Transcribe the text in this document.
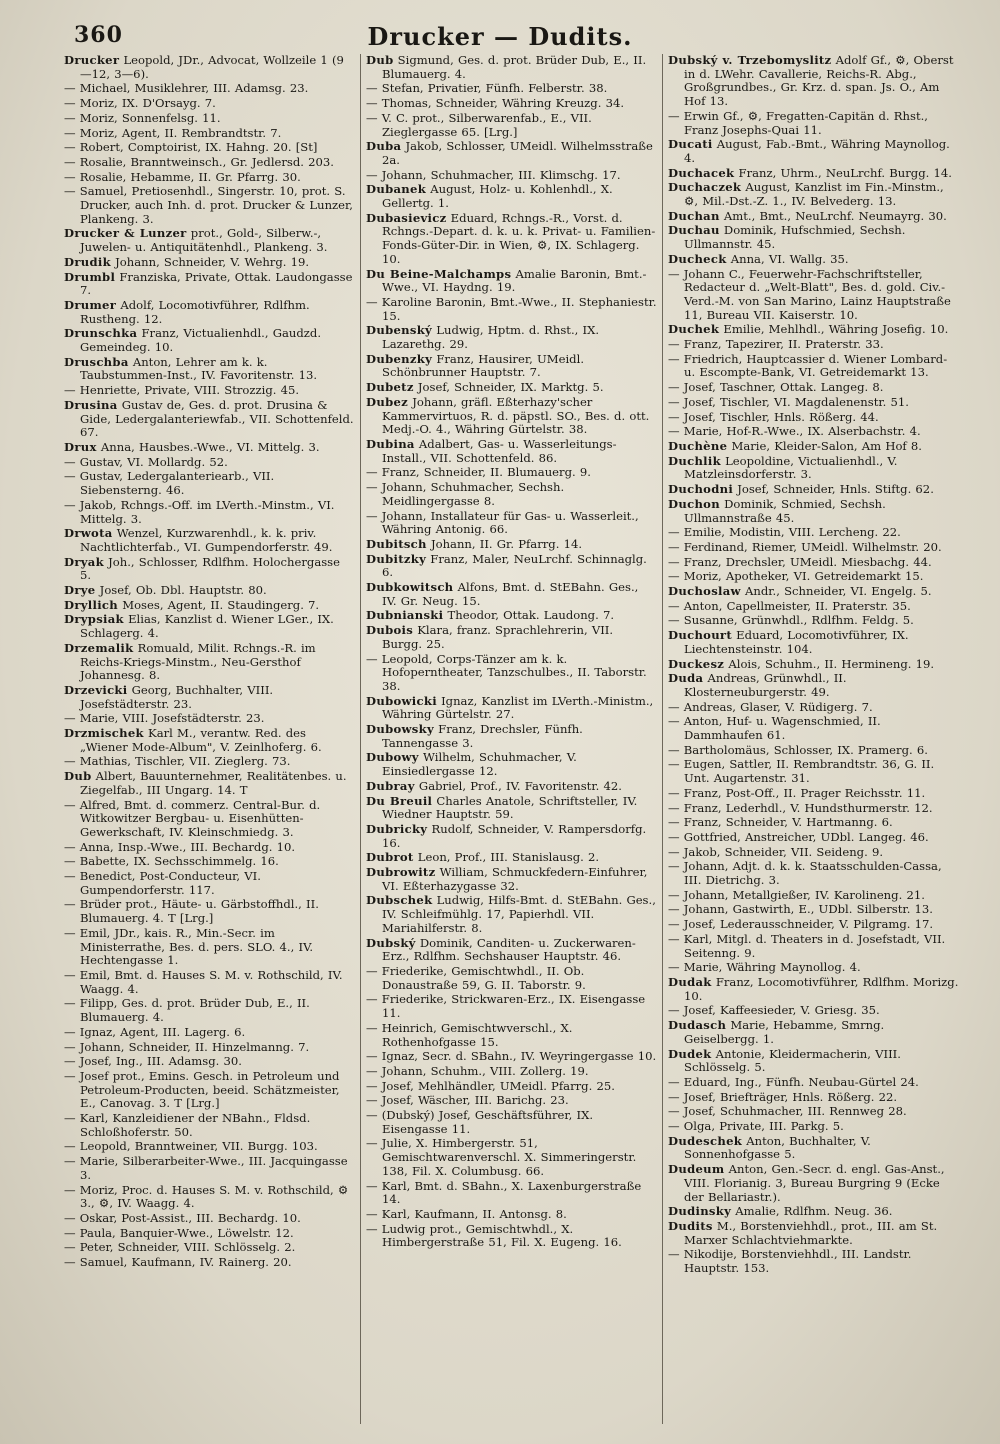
360	Drucker — Dudits.
Drucker Leopold, JDr., Advocat, Wollzeile 1 (9—12, 3—6).
— Michael, Musiklehrer, III. Adamsg. 23.
— Moriz, IX. D'Orsayg. 7.
— Moriz, Sonnenfelsg. 11.
— Moriz, Agent, II. Rembrandtstr. 7.
— Robert, Comptoirist, IX. Hahng. 20. [St]
— Rosalie, Branntweinsch., Gr. Jedlersd. 203.
— Rosalie, Hebamme, II. Gr. Pfarrg. 30.
— Samuel, Pretiosenhdl., Singerstr. 10, prot. S. Drucker, auch Inh. d. prot. Drucker & Lunzer, Plankeng. 3.
Drucker & Lunzer prot., Gold-, Silberw.-, Juwelen- u. Antiquitätenhdl., Plankeng. 3.
Drudik Johann, Schneider, V. Wehrg. 19.
Drumbl Franziska, Private, Ottak. Laudongasse 7.
Drumer Adolf, Locomotivführer, Rdlfhm. Rustheng. 12.
Drunschka Franz, Victualienhdl., Gaudzd. Gemeindeg. 10.
Druschba Anton, Lehrer am k. k. Taubstummen-Inst., IV. Favoritenstr. 13.
— Henriette, Private, VIII. Strozzig. 45.
Drusina Gustav de, Ges. d. prot. Drusina & Gide, Ledergalanteriewfab., VII. Schottenfeld. 67.
Drux Anna, Hausbes.-Wwe., VI. Mittelg. 3.
— Gustav, VI. Mollardg. 52.
— Gustav, Ledergalanteriearb., VII. Siebensterng. 46.
— Jakob, Rchngs.-Off. im LVerth.-Minstm., VI. Mittelg. 3.
Drwota Wenzel, Kurzwarenhdl., k. k. priv. Nachtlichterfab., VI. Gumpendorferstr. 49.
Dryak Joh., Schlosser, Rdlfhm. Holochergasse 5.
Drye Josef, Ob. Dbl. Hauptstr. 80.
Dryllich Moses, Agent, II. Staudingerg. 7.
Drypsiak Elias, Kanzlist d. Wiener LGer., IX. Schlagerg. 4.
Drzemalik Romuald, Milit. Rchngs.-R. im Reichs-Kriegs-Minstm., Neu-Gersthof Johannesg. 8.
Drzevicki Georg, Buchhalter, VIII. Josefstädterstr. 23.
— Marie, VIII. Josefstädterstr. 23.
Drzmischek Karl M., verantw. Red. des „Wiener Mode-Album", V. Zeinlhoferg. 6.
— Mathias, Tischler, VII. Zieglerg. 73.
Dub Albert, Bauunternehmer, Realitätenbes. u. Ziegelfab., III Ungarg. 14. T
— Alfred, Bmt. d. commerz. Central-Bur. d. Witkowitzer Bergbau- u. Eisenhütten-Gewerkschaft, IV. Kleinschmiedg. 3.
— Anna, Insp.-Wwe., III. Bechardg. 10.
— Babette, IX. Sechsschimmelg. 16.
— Benedict, Post-Conducteur, VI. Gumpendorferstr. 117.
— Brüder prot., Häute- u. Gärbstoffhdl., II. Blumauerg. 4. T [Lrg.]
— Emil, JDr., kais. R., Min.-Secr. im Ministerrathe, Bes. d. pers. SLO. 4., IV. Hechtengasse 1.
— Emil, Bmt. d. Hauses S. M. v. Rothschild, IV. Waagg. 4.
— Filipp, Ges. d. prot. Brüder Dub, E., II. Blumauerg. 4.
— Ignaz, Agent, III. Lagerg. 6.
— Johann, Schneider, II. Hinzelmanng. 7.
— Josef, Ing., III. Adamsg. 30.
— Josef prot., Emins. Gesch. in Petroleum und Petroleum-Producten, beeid. Schätzmeister, E., Canovag. 3. T [Lrg.]
— Karl, Kanzleidiener der NBahn., Fldsd. Schloßhoferstr. 50.
— Leopold, Branntweiner, VII. Burgg. 103.
— Marie, Silberarbeiter-Wwe., III. Jacquingasse 3.
— Moriz, Proc. d. Hauses S. M. v. Rothschild, ⚙ 3., ⚙, IV. Waagg. 4.
— Oskar, Post-Assist., III. Bechardg. 10.
— Paula, Banquier-Wwe., Löwelstr. 12.
— Peter, Schneider, VIII. Schlösselg. 2.
— Samuel, Kaufmann, IV. Rainerg. 20.
Dub Sigmund, Ges. d. prot. Brüder Dub, E., II. Blumauerg. 4.
— Stefan, Privatier, Fünfh. Felberstr. 38.
— Thomas, Schneider, Währing Kreuzg. 34.
— V. C. prot., Silberwarenfab., E., VII. Zieglergasse 65. [Lrg.]
Duba Jakob, Schlosser, UMeidl. Wilhelmsstraße 2a.
— Johann, Schuhmacher, III. Klimschg. 17.
Dubanek August, Holz- u. Kohlenhdl., X. Gellertg. 1.
Dubasievicz Eduard, Rchngs.-R., Vorst. d. Rchngs.-Depart. d. k. u. k. Privat- u. Familien-Fonds-Güter-Dir. in Wien, ⚙, IX. Schlagerg. 10.
Du Beine-Malchamps Amalie Baronin, Bmt.-Wwe., VI. Haydng. 19.
— Karoline Baronin, Bmt.-Wwe., II. Stephaniestr. 15.
Dubenský Ludwig, Hptm. d. Rhst., IX. Lazarethg. 29.
Dubenzky Franz, Hausirer, UMeidl. Schönbrunner Hauptstr. 7.
Dubetz Josef, Schneider, IX. Marktg. 5.
Dubez Johann, gräfl. Eßterhazy'scher Kammervirtuos, R. d. päpstl. SO., Bes. d. ott. Medj.-O. 4., Währing Gürtelstr. 38.
Dubina Adalbert, Gas- u. Wasserleitungs-Install., VII. Schottenfeld. 86.
— Franz, Schneider, II. Blumauerg. 9.
— Johann, Schuhmacher, Sechsh. Meidlingergasse 8.
— Johann, Installateur für Gas- u. Wasserleit., Währing Antonig. 66.
Dubitsch Johann, II. Gr. Pfarrg. 14.
Dubitzky Franz, Maler, NeuLrchf. Schinnaglg. 6.
Dubkowitsch Alfons, Bmt. d. StEBahn. Ges., IV. Gr. Neug. 15.
Dubnianski Theodor, Ottak. Laudong. 7.
Dubois Klara, franz. Sprachlehrerin, VII. Burgg. 25.
— Leopold, Corps-Tänzer am k. k. Hofoperntheater, Tanzschulbes., II. Taborstr. 38.
Dubowicki Ignaz, Kanzlist im LVerth.-Ministm., Währing Gürtelstr. 27.
Dubowsky Franz, Drechsler, Fünfh. Tannengasse 3.
Dubowy Wilhelm, Schuhmacher, V. Einsiedlergasse 12.
Dubray Gabriel, Prof., IV. Favoritenstr. 42.
Du Breuil Charles Anatole, Schriftsteller, IV. Wiedner Hauptstr. 59.
Dubricky Rudolf, Schneider, V. Rampersdorfg. 16.
Dubrot Leon, Prof., III. Stanislausg. 2.
Dubrowitz William, Schmuckfedern-Einfuhrer, VI. Eßterhazygasse 32.
Dubschek Ludwig, Hilfs-Bmt. d. StEBahn. Ges., IV. Schleifmühlg. 17, Papierhdl. VII. Mariahilferstr. 8.
Dubský Dominik, Canditen- u. Zuckerwaren-Erz., Rdlfhm. Sechshauser Hauptstr. 46.
— Friederike, Gemischtwhdl., II. Ob. Donaustraße 59, G. II. Taborstr. 9.
— Friederike, Strickwaren-Erz., IX. Eisengasse 11.
— Heinrich, Gemischtwverschl., X. Rothenhofgasse 15.
— Ignaz, Secr. d. SBahn., IV. Weyringergasse 10.
— Johann, Schuhm., VIII. Zollerg. 19.
— Josef, Mehlhändler, UMeidl. Pfarrg. 25.
— Josef, Wäscher, III. Barichg. 23.
— (Dubský) Josef, Geschäftsführer, IX. Eisengasse 11.
— Julie, X. Himbergerstr. 51, Gemischtwarenverschl. X. Simmeringerstr. 138, Fil. X. Columbusg. 66.
— Karl, Bmt. d. SBahn., X. Laxenburgerstraße 14.
— Karl, Kaufmann, II. Antonsg. 8.
— Ludwig prot., Gemischtwhdl., X. Himbergerstraße 51, Fil. X. Eugeng. 16.
Dubský v. Trzebomyslitz Adolf Gf., ⚙, Oberst in d. LWehr. Cavallerie, Reichs-R. Abg., Großgrundbes., Gr. Krz. d. span. Js. O., Am Hof 13.
— Erwin Gf., ⚙, Fregatten-Capitän d. Rhst., Franz Josephs-Quai 11.
Ducati August, Fab.-Bmt., Währing Maynollog. 4.
Duchacek Franz, Uhrm., NeuLrchf. Burgg. 14.
Duchaczek August, Kanzlist im Fin.-Minstm., ⚙, Mil.-Dst.-Z. 1., IV. Belvederg. 13.
Duchan Amt., Bmt., NeuLrchf. Neumayrg. 30.
Duchau Dominik, Hufschmied, Sechsh. Ullmannstr. 45.
Ducheck Anna, VI. Wallg. 35.
— Johann C., Feuerwehr-Fachschriftsteller, Redacteur d. „Welt-Blatt", Bes. d. gold. Civ.-Verd.-M. von San Marino, Lainz Hauptstraße 11, Bureau VII. Kaiserstr. 10.
Duchek Emilie, Mehlhdl., Währing Josefig. 10.
— Franz, Tapezirer, II. Praterstr. 33.
— Friedrich, Hauptcassier d. Wiener Lombard- u. Escompte-Bank, VI. Getreidemarkt 13.
— Josef, Taschner, Ottak. Langeg. 8.
— Josef, Tischler, VI. Magdalenenstr. 51.
— Josef, Tischler, Hnls. Rößerg. 44.
— Marie, Hof-R.-Wwe., IX. Alserbachstr. 4.
Duchène Marie, Kleider-Salon, Am Hof 8.
Duchlik Leopoldine, Victualienhdl., V. Matzleinsdorferstr. 3.
Duchodni Josef, Schneider, Hnls. Stiftg. 62.
Duchon Dominik, Schmied, Sechsh. Ullmannstraße 45.
— Emilie, Modistin, VIII. Lercheng. 22.
— Ferdinand, Riemer, UMeidl. Wilhelmstr. 20.
— Franz, Drechsler, UMeidl. Miesbachg. 44.
— Moriz, Apotheker, VI. Getreidemarkt 15.
Duchoslaw Andr., Schneider, VI. Engelg. 5.
— Anton, Capellmeister, II. Praterstr. 35.
— Susanne, Grünwhdl., Rdlfhm. Feldg. 5.
Duchourt Eduard, Locomotivführer, IX. Liechtensteinstr. 104.
Duckesz Alois, Schuhm., II. Hermineng. 19.
Duda Andreas, Grünwhdl., II. Klosterneuburgerstr. 49.
— Andreas, Glaser, V. Rüdigerg. 7.
— Anton, Huf- u. Wagenschmied, II. Dammhaufen 61.
— Bartholomäus, Schlosser, IX. Pramerg. 6.
— Eugen, Sattler, II. Rembrandtstr. 36, G. II. Unt. Augartenstr. 31.
— Franz, Post-Off., II. Prager Reichsstr. 11.
— Franz, Lederhdl., V. Hundsthurmerstr. 12.
— Franz, Schneider, V. Hartmanng. 6.
— Gottfried, Anstreicher, UDbl. Langeg. 46.
— Jakob, Schneider, VII. Seideng. 9.
— Johann, Adjt. d. k. k. Staatsschulden-Cassa, III. Dietrichg. 3.
— Johann, Metallgießer, IV. Karolineng. 21.
— Johann, Gastwirth, E., UDbl. Silberstr. 13.
— Josef, Lederausschneider, V. Pilgramg. 17.
— Karl, Mitgl. d. Theaters in d. Josefstadt, VII. Seitenng. 9.
— Marie, Währing Maynollog. 4.
Dudak Franz, Locomotivführer, Rdlfhm. Morizg. 10.
— Josef, Kaffeesieder, V. Griesg. 35.
Dudasch Marie, Hebamme, Smrng. Geiselbergg. 1.
Dudek Antonie, Kleidermacherin, VIII. Schlösselg. 5.
— Eduard, Ing., Fünfh. Neubau-Gürtel 24.
— Josef, Briefträger, Hnls. Rößerg. 22.
— Josef, Schuhmacher, III. Rennweg 28.
— Olga, Private, III. Parkg. 5.
Dudeschek Anton, Buchhalter, V. Sonnenhofgasse 5.
Dudeum Anton, Gen.-Secr. d. engl. Gas-Anst., VIII. Florianig. 3, Bureau Burgring 9 (Ecke der Bellariastr.).
Dudinsky Amalie, Rdlfhm. Neug. 36.
Dudits M., Borstenviehhdl., prot., III. am St. Marxer Schlachtviehmarkte.
— Nikodije, Borstenviehhdl., III. Landstr. Hauptstr. 153.
